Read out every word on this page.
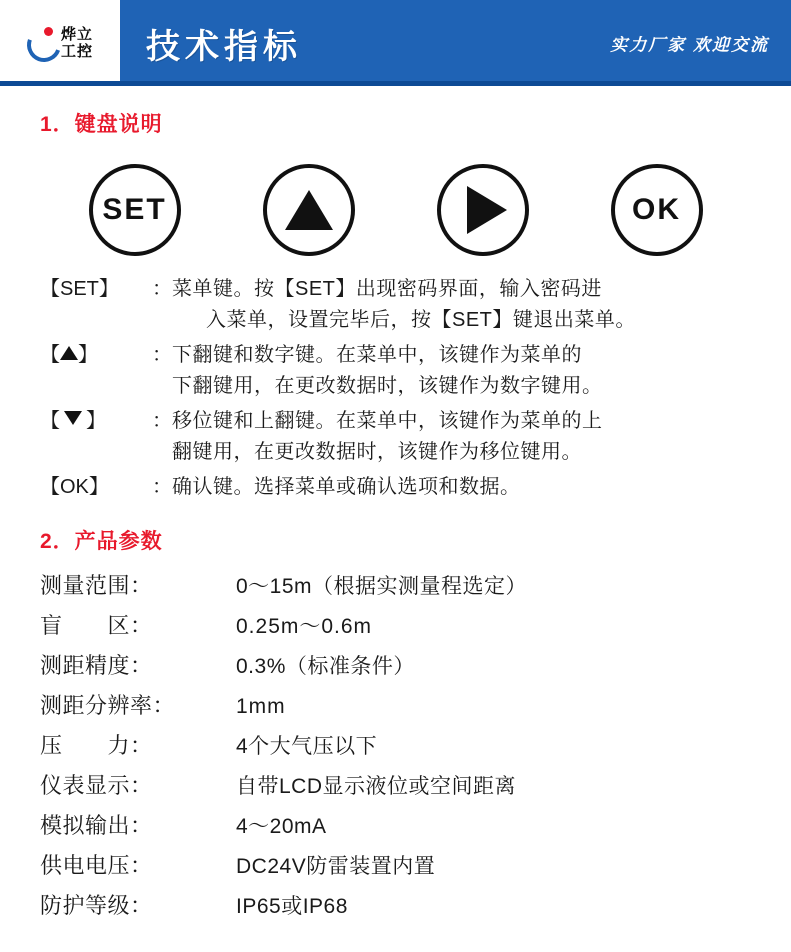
烨立
工控 技术指标	实力厂家 欢迎交流
1．键盘说明
SET	OK
【SET】	： 菜单键。按【SET】出现密码界面，输入密码进
入菜单，设置完毕后，按【SET】键退出菜单。
【 】	： 下翻键和数字键。在菜单中，该键作为菜单的
下翻键用，在更改数据时，该键作为数字键用。
【 】	： 移位键和上翻键。在菜单中，该键作为菜单的上
翻键用，在更改数据时，该键作为移位键用。
【OK】	： 确认键。选择菜单或确认选项和数据。
2．产品参数
测量范围：	0～15m（根据实测量程选定）
盲　　区：	0.25m～0.6m
测距精度：	0.3%（标准条件）
测距分辨率：	1mm
压　　力：	4个大气压以下
仪表显示：	自带LCD显示液位或空间距离
模拟输出：	4～20mA
供电电压：	DC24V防雷装置内置
防护等级：	IP65或IP68
